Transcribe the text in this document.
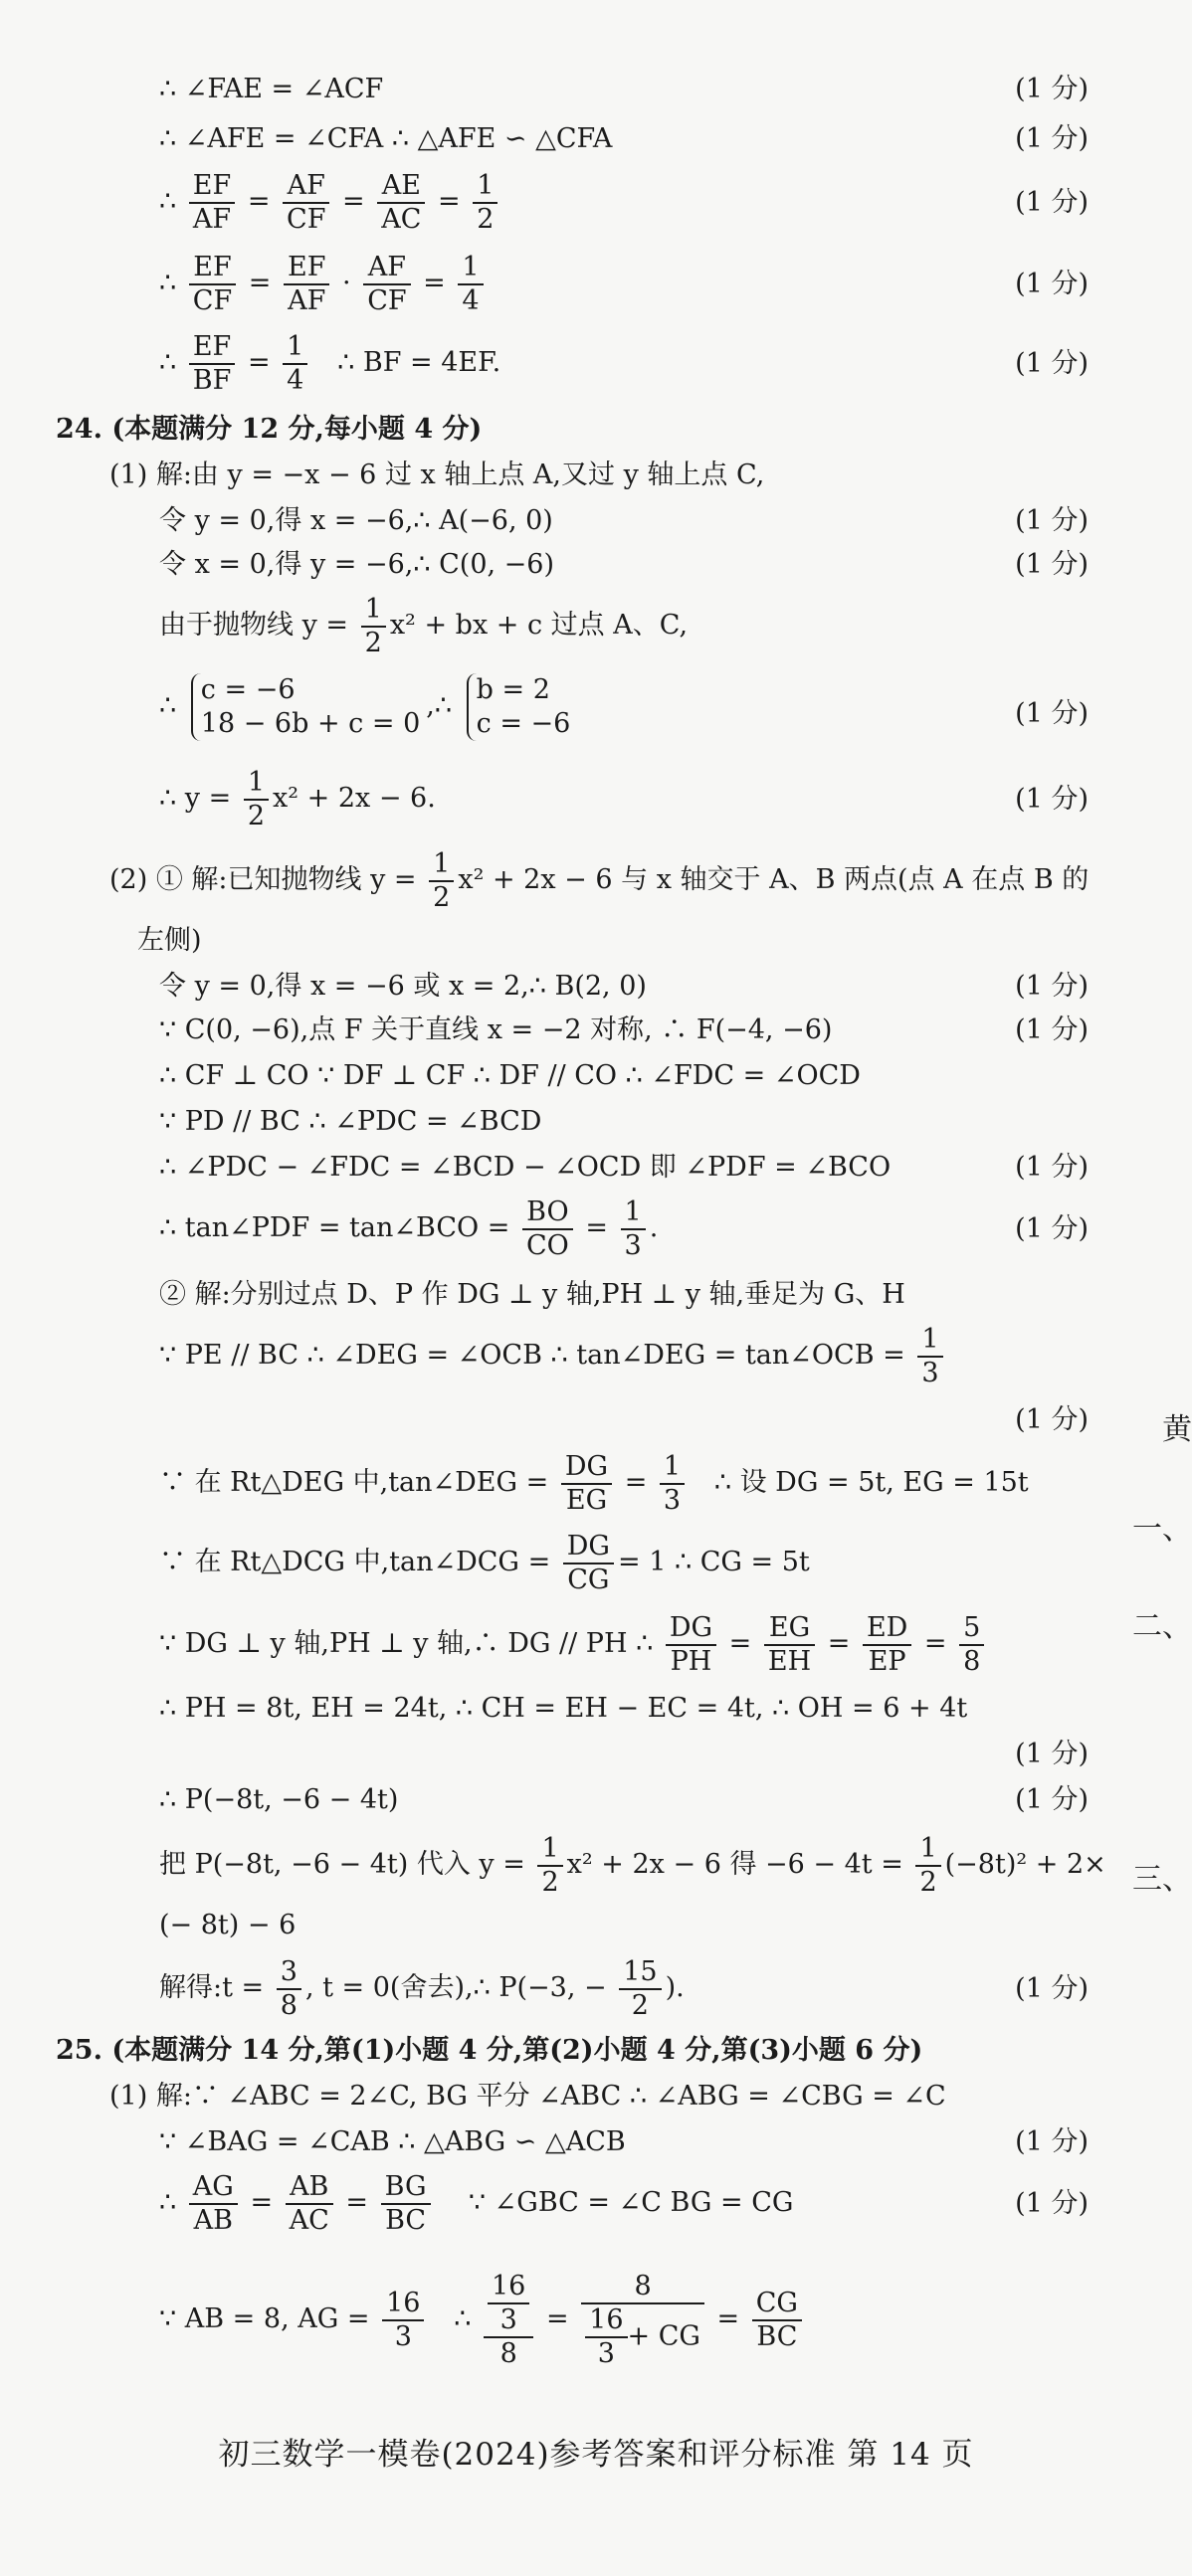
∴ ∠FAE = ∠ACF	(1 分)
∴ ∠AFE = ∠CFA ∴ △AFE ∽ △CFA	(1 分)
∴ $\frac{EF}{AF} = \frac{AF}{CF} = \frac{AE}{AC} = \frac{1}{2}$	(1 分)
∴ $\frac{EF}{CF} = \frac{EF}{AF} \cdot \frac{AF}{CF} = \frac{1}{4}$	(1 分)
∴ $\frac{EF}{BF} = \frac{1}{4}$ ∴ BF = 4EF.	(1 分)
24. (本题满分 12 分,每小题 4 分)
(1) 解:由 y = −x − 6 过 x 轴上点 A,又过 y 轴上点 C,
令 y = 0,得 x = −6,∴ A(−6, 0)	(1 分)
令 x = 0,得 y = −6,∴ C(0, −6)	(1 分)
由于抛物线 $y = \frac{1}{2} x^2$ + bx + c 过点 A、C,
∴
c = −6
18 − 6b + c = 0
,∴
b = 2
c = −6	(1 分)
∴ $y = \frac{1}{2} x^2 + 2x - 6$.	(1 分)
(2) ① 解:已知抛物线 $y = \frac{1}{2} x^2 + 2x - 6$ 与 x 轴交于 A、B 两点(点 A 在点 B 的
左侧)
令 y = 0,得 x = −6 或 x = 2,∴ B(2, 0)	(1 分)
∵ C(0, −6),点 F 关于直线 x = −2 对称, ∴ F(−4, −6)	(1 分)
∴ CF ⊥ CO ∵ DF ⊥ CF ∴ DF // CO ∴ ∠FDC = ∠OCD
∵ PD // BC ∴ ∠PDC = ∠BCD
∴ ∠PDC − ∠FDC = ∠BCD − ∠OCD 即 ∠PDF = ∠BCO	(1 分)
∴ tan∠PDF = tan∠BCO = $\frac{BO}{CO} = \frac{1}{3}$ .	(1 分)
② 解:分别过点 D、P 作 DG ⊥ y 轴,PH ⊥ y 轴,垂足为 G、H
∵ PE // BC ∴ ∠DEG = ∠OCB ∴ tan∠DEG = tan∠OCB = $\frac{1}{3}$
(1 分)
∵ 在 Rt△DEG 中,tan∠DEG = $\frac{DG}{EG} = \frac{1}{3}$ ∴ 设 DG = 5t, EG = 15t
∵ 在 Rt△DCG 中,tan∠DCG = $\frac{DG}{CG} = 1$ ∴ CG = 5t
∵ DG ⊥ y 轴,PH ⊥ y 轴,∴ DG // PH ∴ $\frac{DG}{PH} = \frac{EG}{EH} = \frac{ED}{EP} = \frac{5}{8}$
∴ PH = 8t, EH = 24t, ∴ CH = EH − EC = 4t, ∴ OH = 6 + 4t
(1 分)
∴ P(−8t, −6 − 4t)	(1 分)
把 P(−8t, −6 − 4t) 代入 $y = \frac{1}{2} x^2 + 2x - 6$ 得 $-6 - 4t = \frac{1}{2} (-8t)^2 + 2\times$
(− 8t) − 6
解得:t = $\frac{3}{8}$ , t = 0(舍去),∴ P(−3, − $\frac{15}{2}$ ).	(1 分)
25. (本题满分 14 分,第(1)小题 4 分,第(2)小题 4 分,第(3)小题 6 分)
(1) 解:∵ ∠ABC = 2∠C, BG 平分 ∠ABC ∴ ∠ABG = ∠CBG = ∠C
∵ ∠BAG = ∠CAB ∴ △ABG ∽ △ACB	(1 分)
∴ $\frac{AG}{AB} = \frac{AB}{AC} = \frac{BG}{BC}$ ∵ ∠GBC = ∠C BG = CG	(1 分)
∵ AB = 8, AG = $\frac{16}{3}$ ∴ $\frac{\frac{16}{3}}{8} = \frac{8}{\frac{16}{3} + CG} = \frac{CG}{BC}$
黄
一、
二、
三、
初三数学一模卷(2024)参考答案和评分标准 第 14 页
